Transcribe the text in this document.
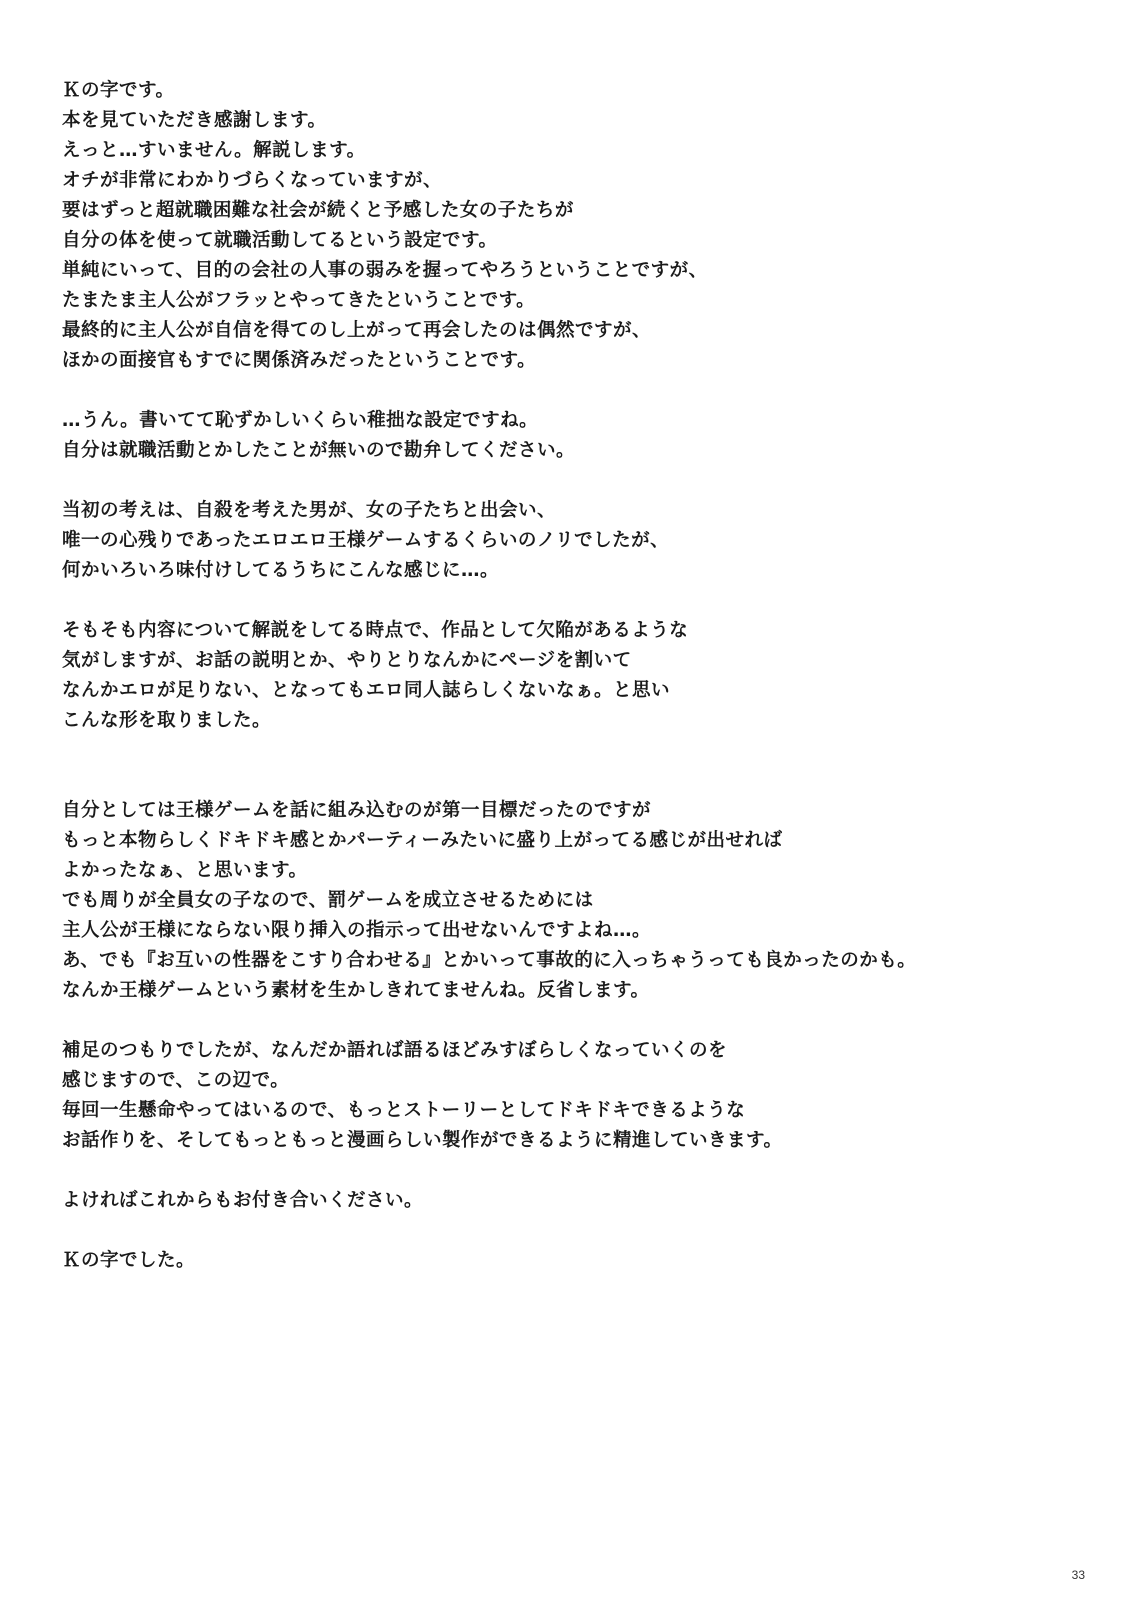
Ｋの字です。
本を見ていただき感謝します。
えっと…すいません。解説します。
オチが非常にわかりづらくなっていますが、
要はずっと超就職困難な社会が続くと予感した女の子たちが
自分の体を使って就職活動してるという設定です。
単純にいって、目的の会社の人事の弱みを握ってやろうということですが、
たまたま主人公がフラッとやってきたということです。
最終的に主人公が自信を得てのし上がって再会したのは偶然ですが、
ほかの面接官もすでに関係済みだったということです。
…うん。書いてて恥ずかしいくらい稚拙な設定ですね。
自分は就職活動とかしたことが無いので勘弁してください。
当初の考えは、自殺を考えた男が、女の子たちと出会い、
唯一の心残りであったエロエロ王様ゲームするくらいのノリでしたが、
何かいろいろ味付けしてるうちにこんな感じに…。
そもそも内容について解説をしてる時点で、作品として欠陥があるような
気がしますが、お話の説明とか、やりとりなんかにページを割いて
なんかエロが足りない、となってもエロ同人誌らしくないなぁ。と思い
こんな形を取りました。
自分としては王様ゲームを話に組み込むのが第一目標だったのですが
もっと本物らしくドキドキ感とかパーティーみたいに盛り上がってる感じが出せれば
よかったなぁ、と思います。
でも周りが全員女の子なので、罰ゲームを成立させるためには
主人公が王様にならない限り挿入の指示って出せないんですよね…。
あ、でも『お互いの性器をこすり合わせる』とかいって事故的に入っちゃうっても良かったのかも。
なんか王様ゲームという素材を生かしきれてませんね。反省します。
補足のつもりでしたが、なんだか語れば語るほどみすぼらしくなっていくのを
感じますので、この辺で。
毎回一生懸命やってはいるので、もっとストーリーとしてドキドキできるような
お話作りを、そしてもっともっと漫画らしい製作ができるように精進していきます。
よければこれからもお付き合いください。
Ｋの字でした。
33
